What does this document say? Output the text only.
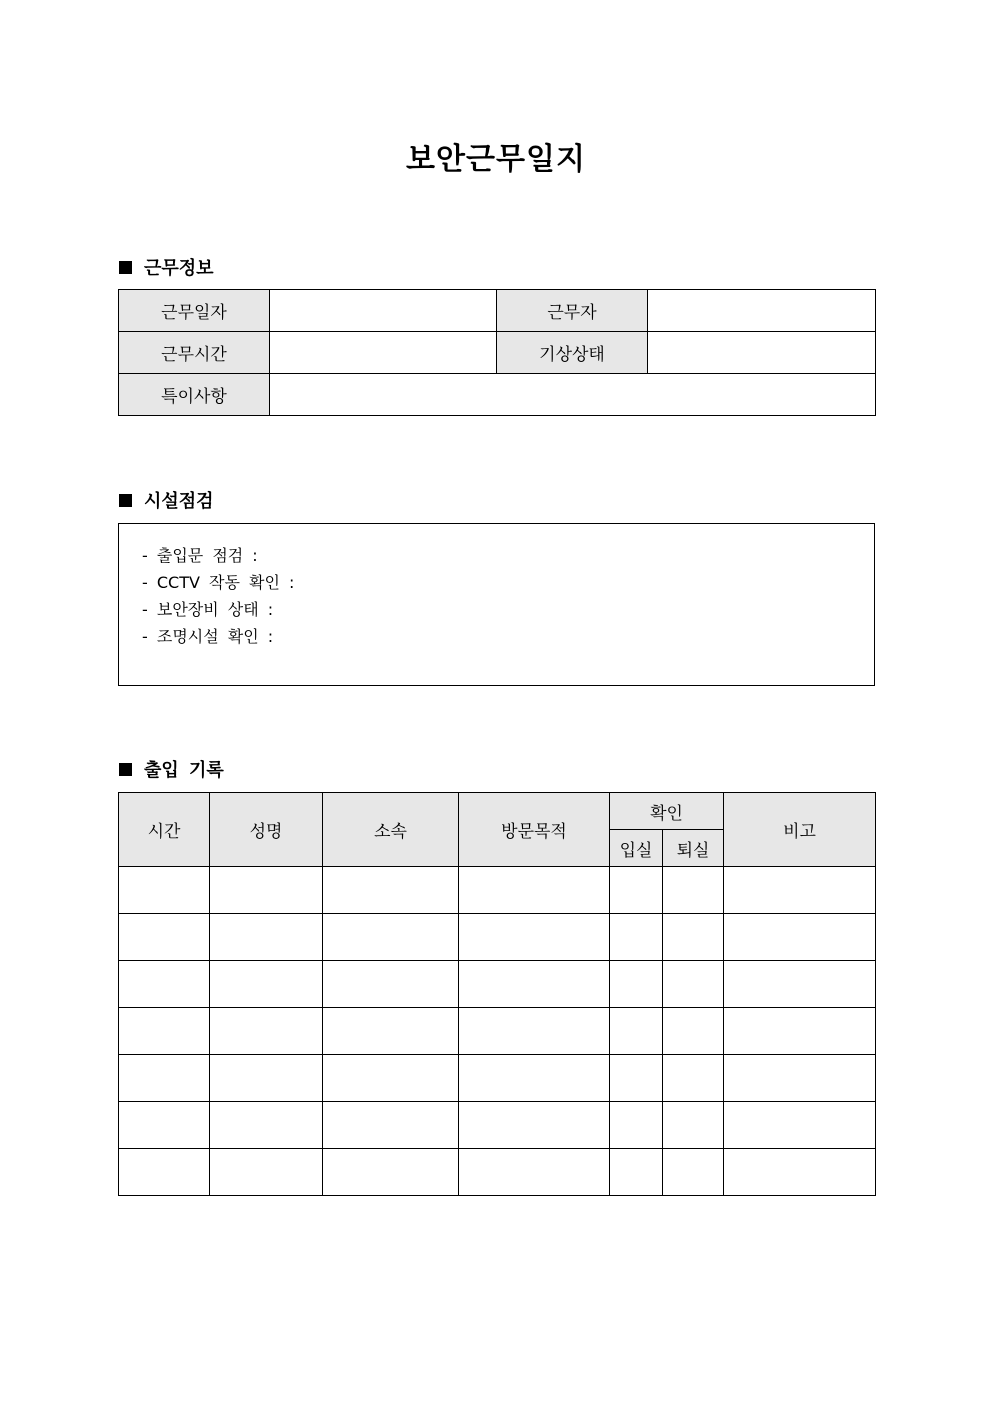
보안근무일지
근무정보
근무일자		근무자	
근무시간		기상상태	
특이사항			
시설점검
- 출입문 점검 :
- CCTV 작동 확인 :
- 보안장비 상태 :
- 조명시설 확인 :
출입 기록
시간	성명	소속	방문목적	확인		비고
				입실	퇴실	
